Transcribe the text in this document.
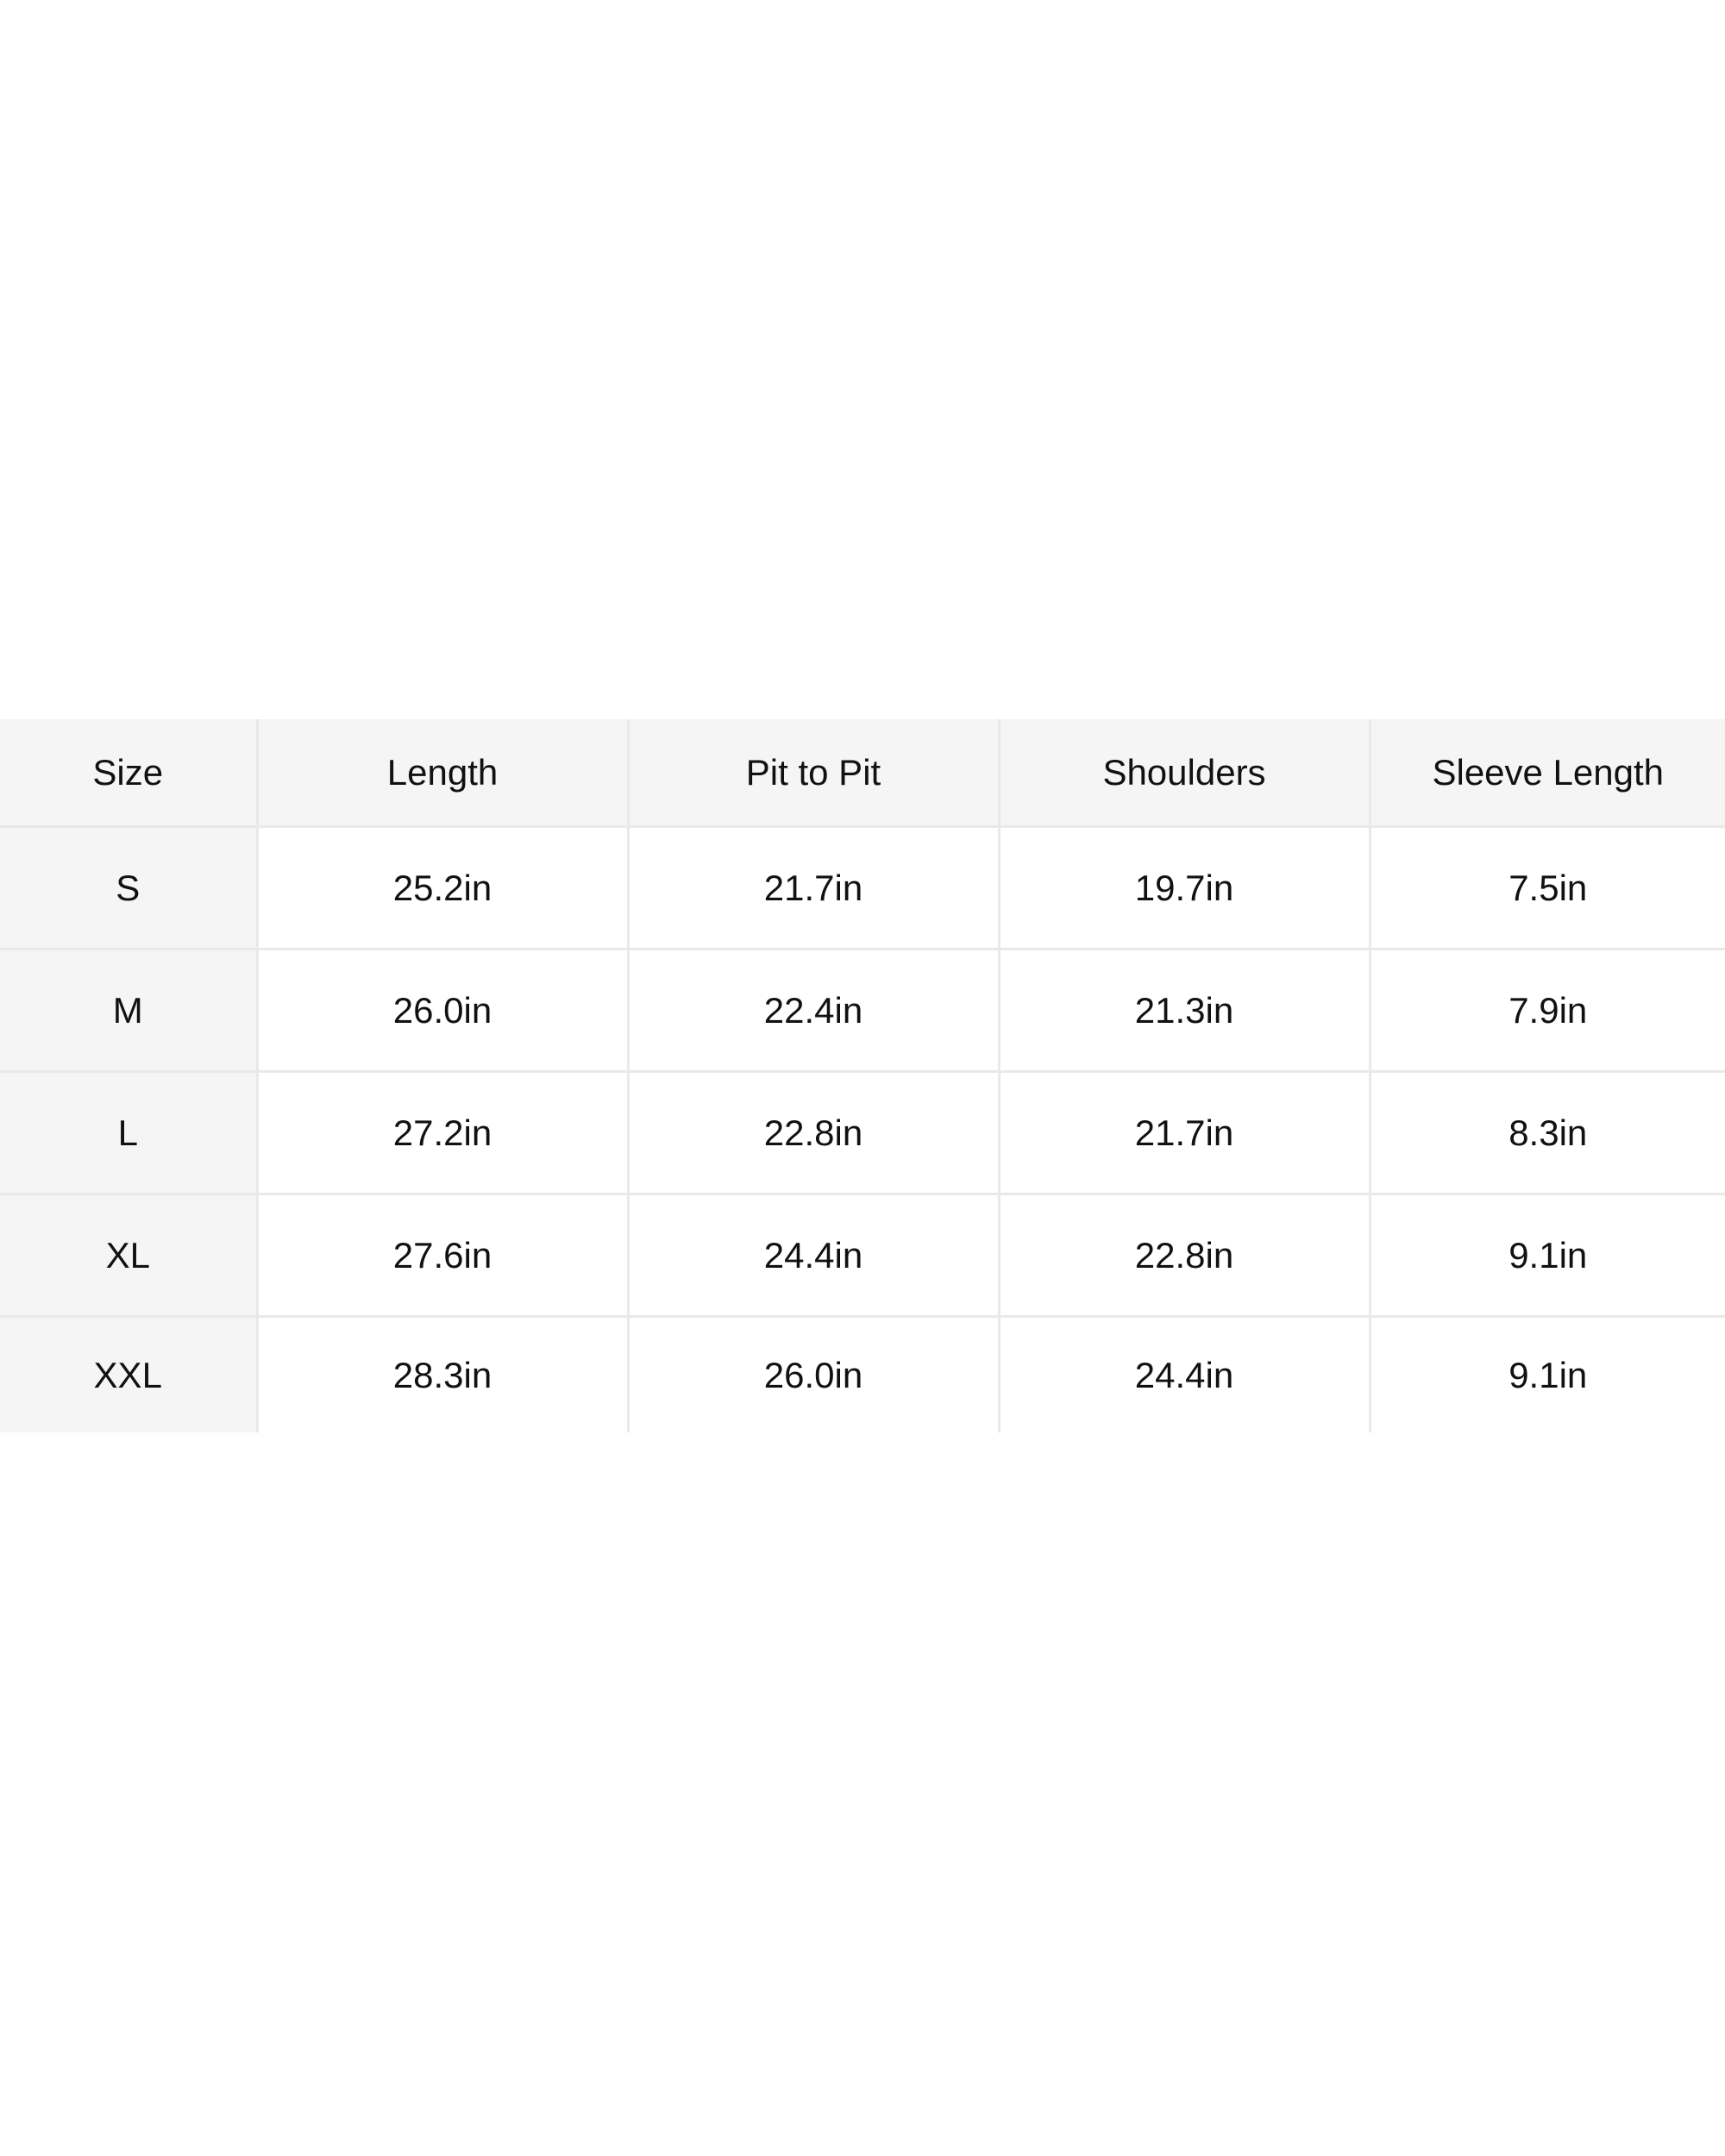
Size	Length	Pit to Pit	Shoulders	Sleeve Length
S	25.2in	21.7in	19.7in	7.5in
M	26.0in	22.4in	21.3in	7.9in
L	27.2in	22.8in	21.7in	8.3in
XL	27.6in	24.4in	22.8in	9.1in
XXL	28.3in	26.0in	24.4in	9.1in
